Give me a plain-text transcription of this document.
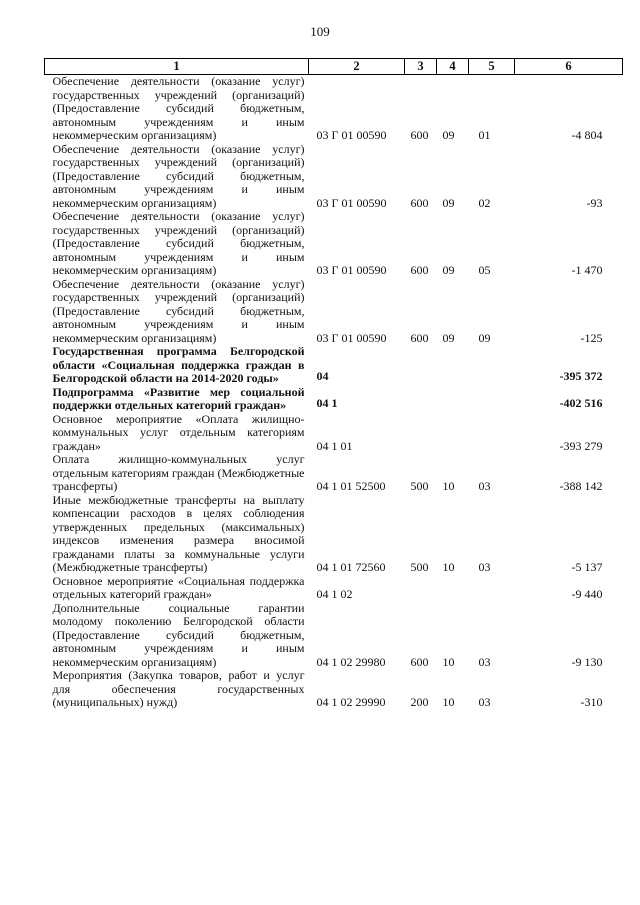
109
1	2	3	4	5	6
Обеспечение деятельности (оказание услуг) государственных учреждений (организаций) (Предоставление субсидий бюджетным, автономным учреждениям и иным некоммерческим организациям)	03 Г 01 00590	600	09	01	-4 804
Обеспечение деятельности (оказание услуг) государственных учреждений (организаций) (Предоставление субсидий бюджетным, автономным учреждениям и иным некоммерческим организациям)	03 Г 01 00590	600	09	02	-93
Обеспечение деятельности (оказание услуг) государственных учреждений (организаций) (Предоставление субсидий бюджетным, автономным учреждениям и иным некоммерческим организациям)	03 Г 01 00590	600	09	05	-1 470
Обеспечение деятельности (оказание услуг) государственных учреждений (организаций) (Предоставление субсидий бюджетным, автономным учреждениям и иным некоммерческим организациям)	03 Г 01 00590	600	09	09	-125
Государственная программа Белгородской области «Социальная поддержка граждан в Белгородской области на 2014-2020 годы»	04				-395 372
Подпрограмма «Развитие мер социальной поддержки отдельных категорий граждан»	04 1				-402 516
Основное мероприятие «Оплата жилищно-коммунальных услуг отдельным категориям граждан»	04 1 01				-393 279
Оплата жилищно-коммунальных услуг отдельным категориям граждан (Межбюджетные трансферты)	04 1 01 52500	500	10	03	-388 142
Иные межбюджетные трансферты на выплату компенсации расходов в целях соблюдения утвержденных предельных (максимальных) индексов изменения размера вносимой гражданами платы за коммунальные услуги (Межбюджетные трансферты)	04 1 01 72560	500	10	03	-5 137
Основное мероприятие «Социальная поддержка отдельных категорий граждан»	04 1 02				-9 440
Дополнительные социальные гарантии молодому поколению Белгородской области (Предоставление субсидий бюджетным, автономным учреждениям и иным некоммерческим организациям)	04 1 02 29980	600	10	03	-9 130
Мероприятия (Закупка товаров, работ и услуг для обеспечения государственных (муниципальных) нужд)	04 1 02 29990	200	10	03	-310
